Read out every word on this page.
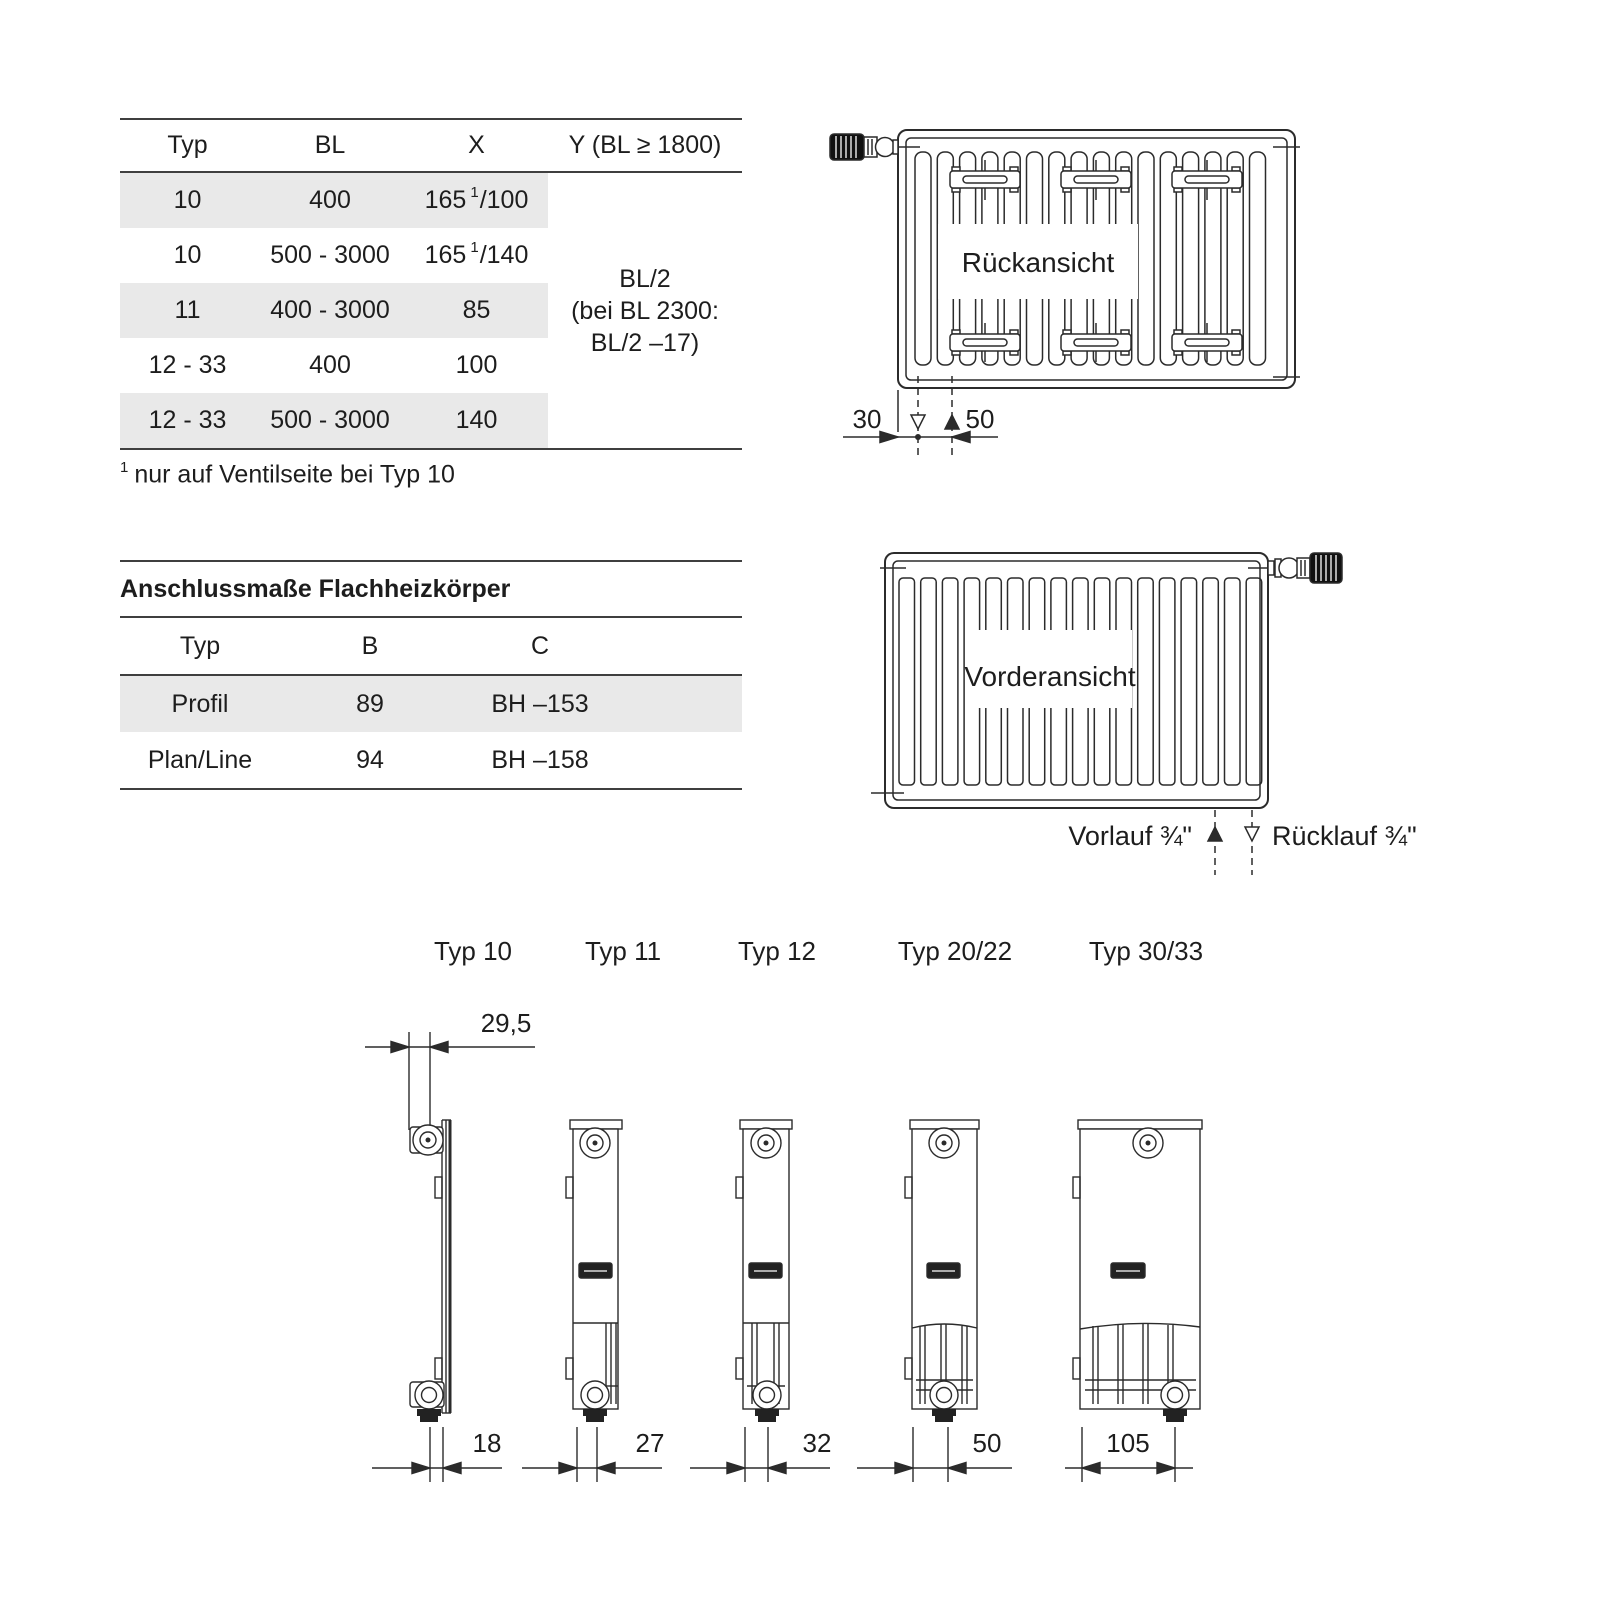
Typ	BL	X	Y (BL ≥ 1800)
10	400	165 1 /100
10	500 - 3000	165 1 /140
11	400 - 3000	85
12 - 33	400	100
12 - 33	500 - 3000	140
BL/2
(bei BL 2300:
BL/2 –17)
$^1$ nur auf Ventilseite bei Typ 10
Anschlussmaße Flachheizkörper
Typ	B	C
Profil	89	BH –153
Plan/Line	94	BH –158
Rückansicht
30	50
Vorderansicht
Vorlauf ¾"	Rücklauf ¾"
Typ 10	Typ 11	Typ 12	Typ 20/22	Typ 30/33
29,5
18	27	32	50	105
